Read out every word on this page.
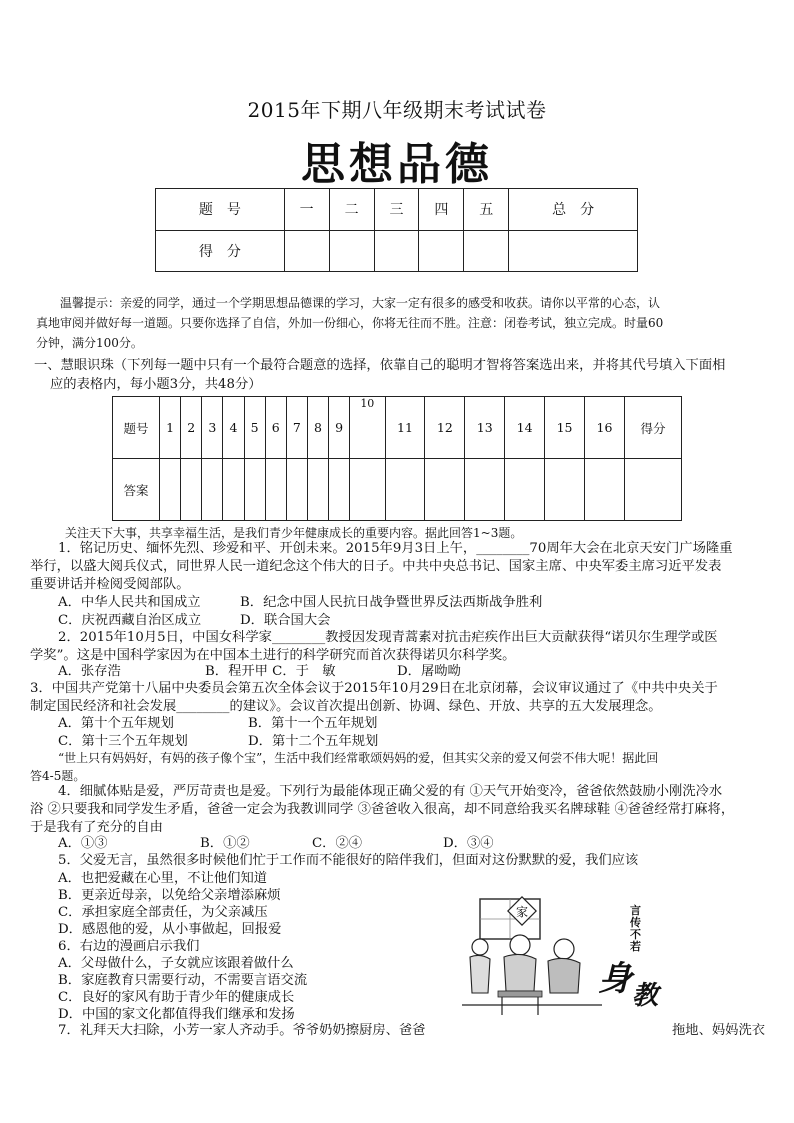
2015年下期八年级期末考试试卷
思想品德
题　号	一	二	三	四	五	总　分
得　分						
温馨提示：亲爱的同学，通过一个学期思想品德课的学习，大家一定有很多的感受和收获。请你以平常的心态，认
真地审阅并做好每一道题。只要你选择了自信，外加一份细心，你将无往而不胜。注意：闭卷考试，独立完成。时量60
分钟，满分100分。
一、慧眼识珠（下列每一题中只有一个最符合题意的选择，依靠自己的聪明才智将答案选出来，并将其代号填入下面相
应的表格内，每小题3分，共48分）
题号	1	2	3	4	5	6	7	8	9	10	11	12	13	14	15	16	得分
答案																	
关注天下大事，共享幸福生活，是我们青少年健康成长的重要内容。据此回答1~3题。
1．铭记历史、缅怀先烈、珍爱和平、开创未来。2015年9月3日上午，________70周年大会在北京天安门广场隆重
举行，以盛大阅兵仪式，同世界人民一道纪念这个伟大的日子。中共中央总书记、国家主席、中央军委主席习近平发表
重要讲话并检阅受阅部队。
A．中华人民共和国成立	B．纪念中国人民抗日战争暨世界反法西斯战争胜利
C．庆祝西藏自治区成立	D．联合国大会
2．2015年10月5日，中国女科学家________教授因发现青蒿素对抗击疟疾作出巨大贡献获得“诺贝尔生理学或医
学奖”。这是中国科学家因为在中国本土进行的科学研究而首次获得诺贝尔科学奖。
A．张存浩	B．程开甲 C．于　敏	D．屠呦呦
3．中国共产党第十八届中央委员会第五次全体会议于2015年10月29日在北京闭幕，会议审议通过了《中共中央关于
制定国民经济和社会发展________的建议》。会议首次提出创新、协调、绿色、开放、共享的五大发展理念。
A．第十个五年规划	B．第十一个五年规划
C．第十三个五年规划	D．第十二个五年规划
“世上只有妈妈好，有妈的孩子像个宝”，生活中我们经常歌颂妈妈的爱，但其实父亲的爱又何尝不伟大呢！据此回
答4-5题。
4．细腻体贴是爱，严厉苛责也是爱。下列行为最能体现正确父爱的有 ①天气开始变冷，爸爸依然鼓励小刚洗冷水
浴 ②只要我和同学发生矛盾，爸爸一定会为我教训同学 ③爸爸收入很高，却不同意给我买名牌球鞋 ④爸爸经常打麻将，
于是我有了充分的自由
A．①③	B．①②	C．②④	D．③④
5．父爱无言，虽然很多时候他们忙于工作而不能很好的陪伴我们，但面对这份默默的爱，我们应该
A．也把爱藏在心里，不让他们知道
B．更亲近母亲，以免给父亲增添麻烦
C．承担家庭全部责任，为父亲减压
D．感恩他的爱，从小事做起，回报爱
6．右边的漫画启示我们
A．父母做什么，子女就应该跟着做什么
B．家庭教育只需要行动，不需要言语交流
C．良好的家风有助于青少年的健康成长
D．中国的家文化都值得我们继承和发扬
7．礼拜天大扫除，小芳一家人齐动手。爷爷奶奶擦厨房、爸爸	拖地、妈妈洗衣
家	言传不若
身 教
